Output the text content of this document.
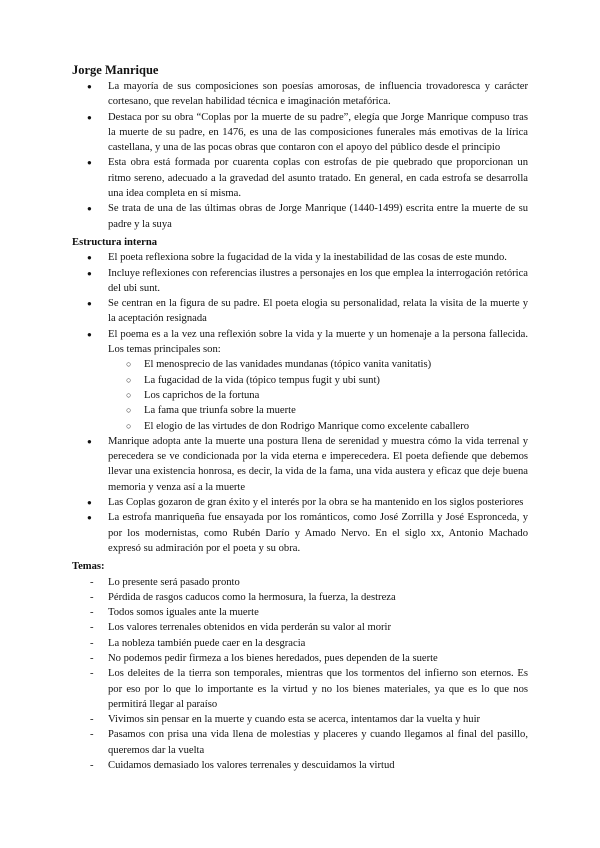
Jorge Manrique
● La mayoría de sus composiciones son poesías amorosas, de influencia trovadoresca y carácter cortesano, que revelan habilidad técnica e imaginación metafórica.
● Destaca por su obra “Coplas por la muerte de su padre”, elegía que Jorge Manrique compuso tras la muerte de su padre, en 1476, es una de las composiciones funerales más emotivas de la lírica castellana, y una de las pocas obras que contaron con el apoyo del público desde el principio
● Esta obra está formada por cuarenta coplas con estrofas de pie quebrado que proporcionan un ritmo sereno, adecuado a la gravedad del asunto tratado. En general, en cada estrofa se desarrolla una idea completa en sí misma.
● Se trata de una de las últimas obras de Jorge Manrique (1440-1499) escrita entre la muerte de su padre y la suya
Estructura interna
● El poeta reflexiona sobre la fugacidad de la vida y la inestabilidad de las cosas de este mundo.
● Incluye reflexiones con referencias ilustres a personajes en los que emplea la interrogación retórica del ubi sunt.
● Se centran en la figura de su padre. El poeta elogia su personalidad, relata la visita de la muerte y la aceptación resignada
● El poema es a la vez una reflexión sobre la vida y la muerte y un homenaje a la persona fallecida. Los temas principales son:
○ El menosprecio de las vanidades mundanas (tópico vanita vanitatis)
○ La fugacidad de la vida (tópico tempus fugit y ubi sunt)
○ Los caprichos de la fortuna
○ La fama que triunfa sobre la muerte
○ El elogio de las virtudes de don Rodrigo Manrique como excelente caballero
● Manrique adopta ante la muerte una postura llena de serenidad y muestra cómo la vida terrenal y perecedera se ve condicionada por la vida eterna e imperecedera. El poeta defiende que debemos llevar una existencia honrosa, es decir, la vida de la fama, una vida austera y eficaz que deje buena memoria y venza así a la muerte
● Las Coplas gozaron de gran éxito y el interés por la obra se ha mantenido en los siglos posteriores
● La estrofa manriqueña fue ensayada por los románticos, como José Zorrilla y José Espronceda, y por los modernistas, como Rubén Darío y Amado Nervo. En el siglo xx, Antonio Machado expresó su admiración por el poeta y su obra.
Temas:
- Lo presente será pasado pronto
- Pérdida de rasgos caducos como la hermosura, la fuerza, la destreza
- Todos somos iguales ante la muerte
- Los valores terrenales obtenidos en vida perderán su valor al morir
- La nobleza también puede caer en la desgracia
- No podemos pedir firmeza a los bienes heredados, pues dependen de la suerte
- Los deleites de la tierra son temporales, mientras que los tormentos del infierno son eternos. Es por eso por lo que lo importante es la virtud y no los bienes materiales, ya que es lo que nos permitirá llegar al paraíso
- Vivimos sin pensar en la muerte y cuando esta se acerca, intentamos dar la vuelta y huir
- Pasamos con prisa una vida llena de molestias y placeres y cuando llegamos al final del pasillo, queremos dar la vuelta
- Cuidamos demasiado los valores terrenales y descuidamos la virtud
